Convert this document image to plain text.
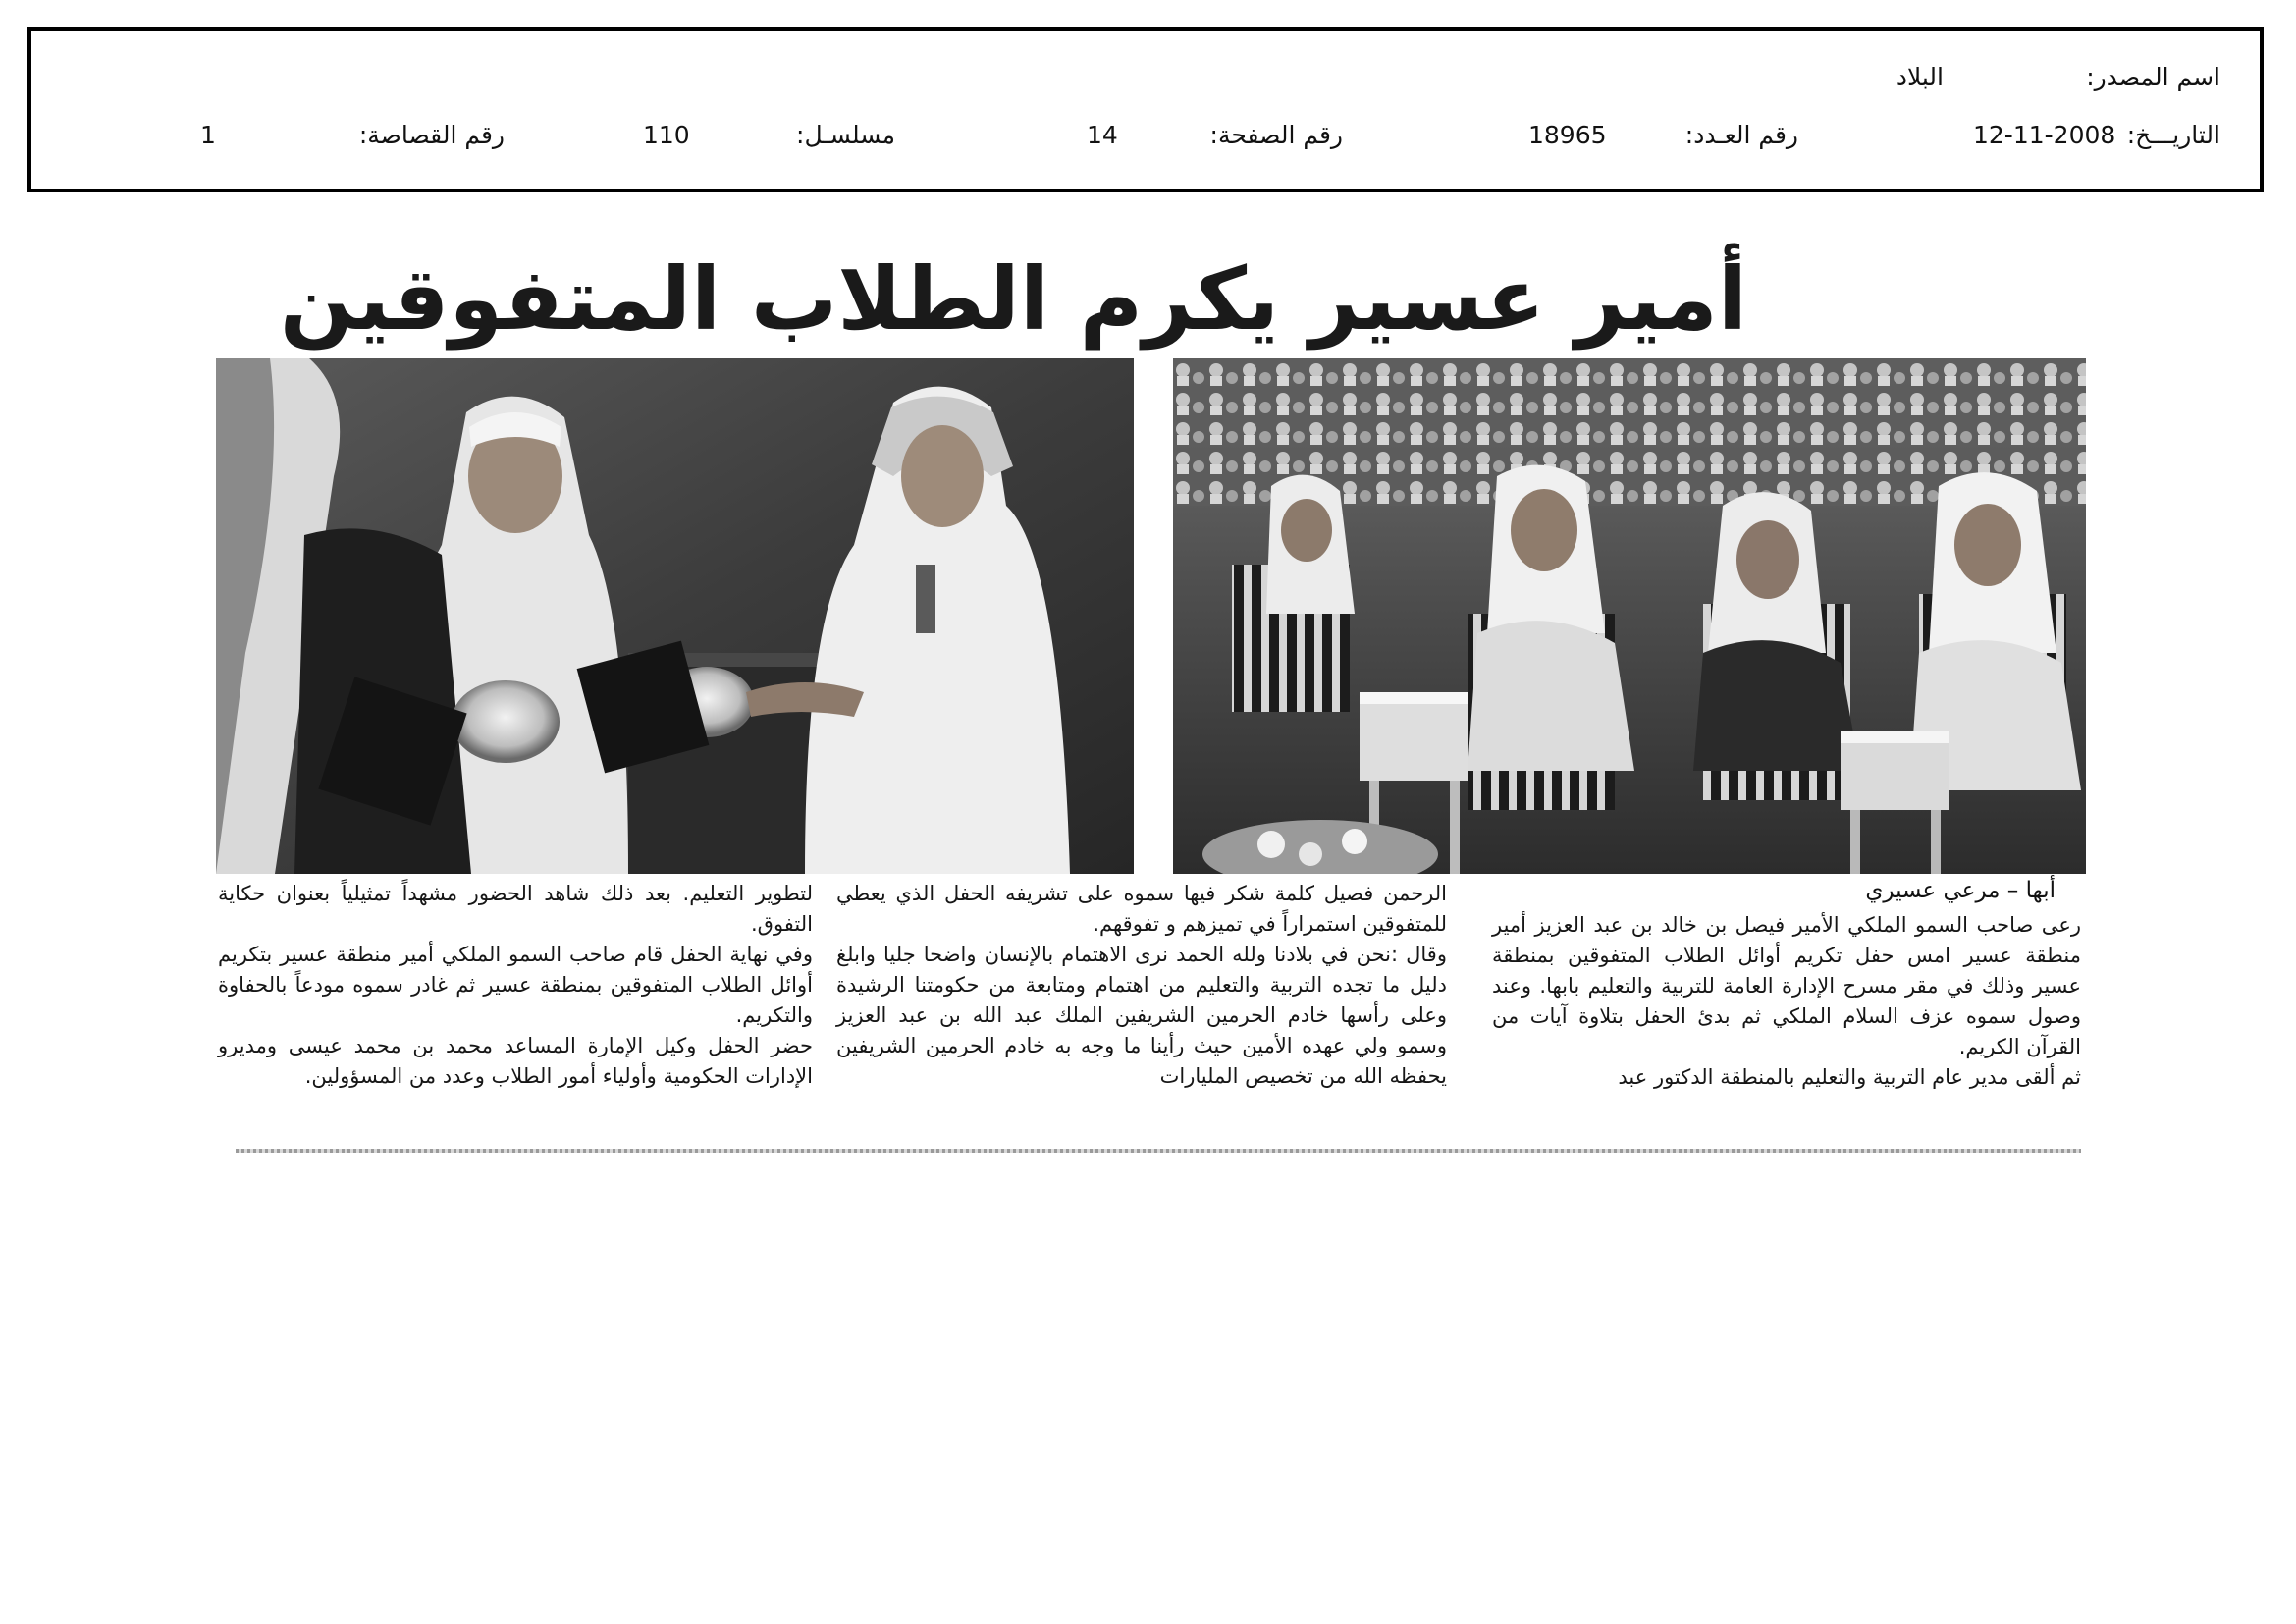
اسم المصدر:
البلاد
التاريـــخ:
12-11-2008
رقم العـدد:
18965
رقم الصفحة:
14
مسلسـل:
110
رقم القصاصة:
1
أمير عسير يكرم الطلاب المتفوقين
أبها – مرعي عسيري

رعى صاحب السمو الملكي الأمير فيصل بن خالد بن عبد العزيز أمير منطقة عسير امس حفل تكريم أوائل الطلاب المتفوقين بمنطقة عسير وذلك في مقر مسرح الإدارة العامة للتربية والتعليم بابها. وعند وصول سموه عزف السلام الملكي ثم بدئ الحفل بتلاوة آيات من القرآن الكريم.

ثم ألقى مدير عام التربية والتعليم بالمنطقة الدكتور عبد

الرحمن فصيل كلمة شكر فيها سموه على تشريفه الحفل الذي يعطي للمتفوقين استمراراً في تميزهم و تفوقهم.

وقال :نحن في بلادنا ولله الحمد نرى الاهتمام بالإنسان واضحا جليا وابلغ دليل ما تجده التربية والتعليم من اهتمام ومتابعة من حكومتنا الرشيدة وعلى رأسها خادم الحرمين الشريفين الملك عبد الله بن عبد العزيز وسمو ولي عهده الأمين حيث رأينا ما وجه به خادم الحرمين الشريفين يحفظه الله من تخصيص المليارات

لتطوير التعليم. بعد ذلك شاهد الحضور مشهداً تمثيلياً بعنوان حكاية التفوق.

وفي نهاية الحفل قام صاحب السمو الملكي أمير منطقة عسير بتكريم أوائل الطلاب المتفوقين بمنطقة عسير ثم غادر سموه مودعاً بالحفاوة والتكريم.

حضر الحفل وكيل الإمارة المساعد محمد بن محمد عيسى ومديرو الإدارات الحكومية وأولياء أمور الطلاب وعدد من المسؤولين.
